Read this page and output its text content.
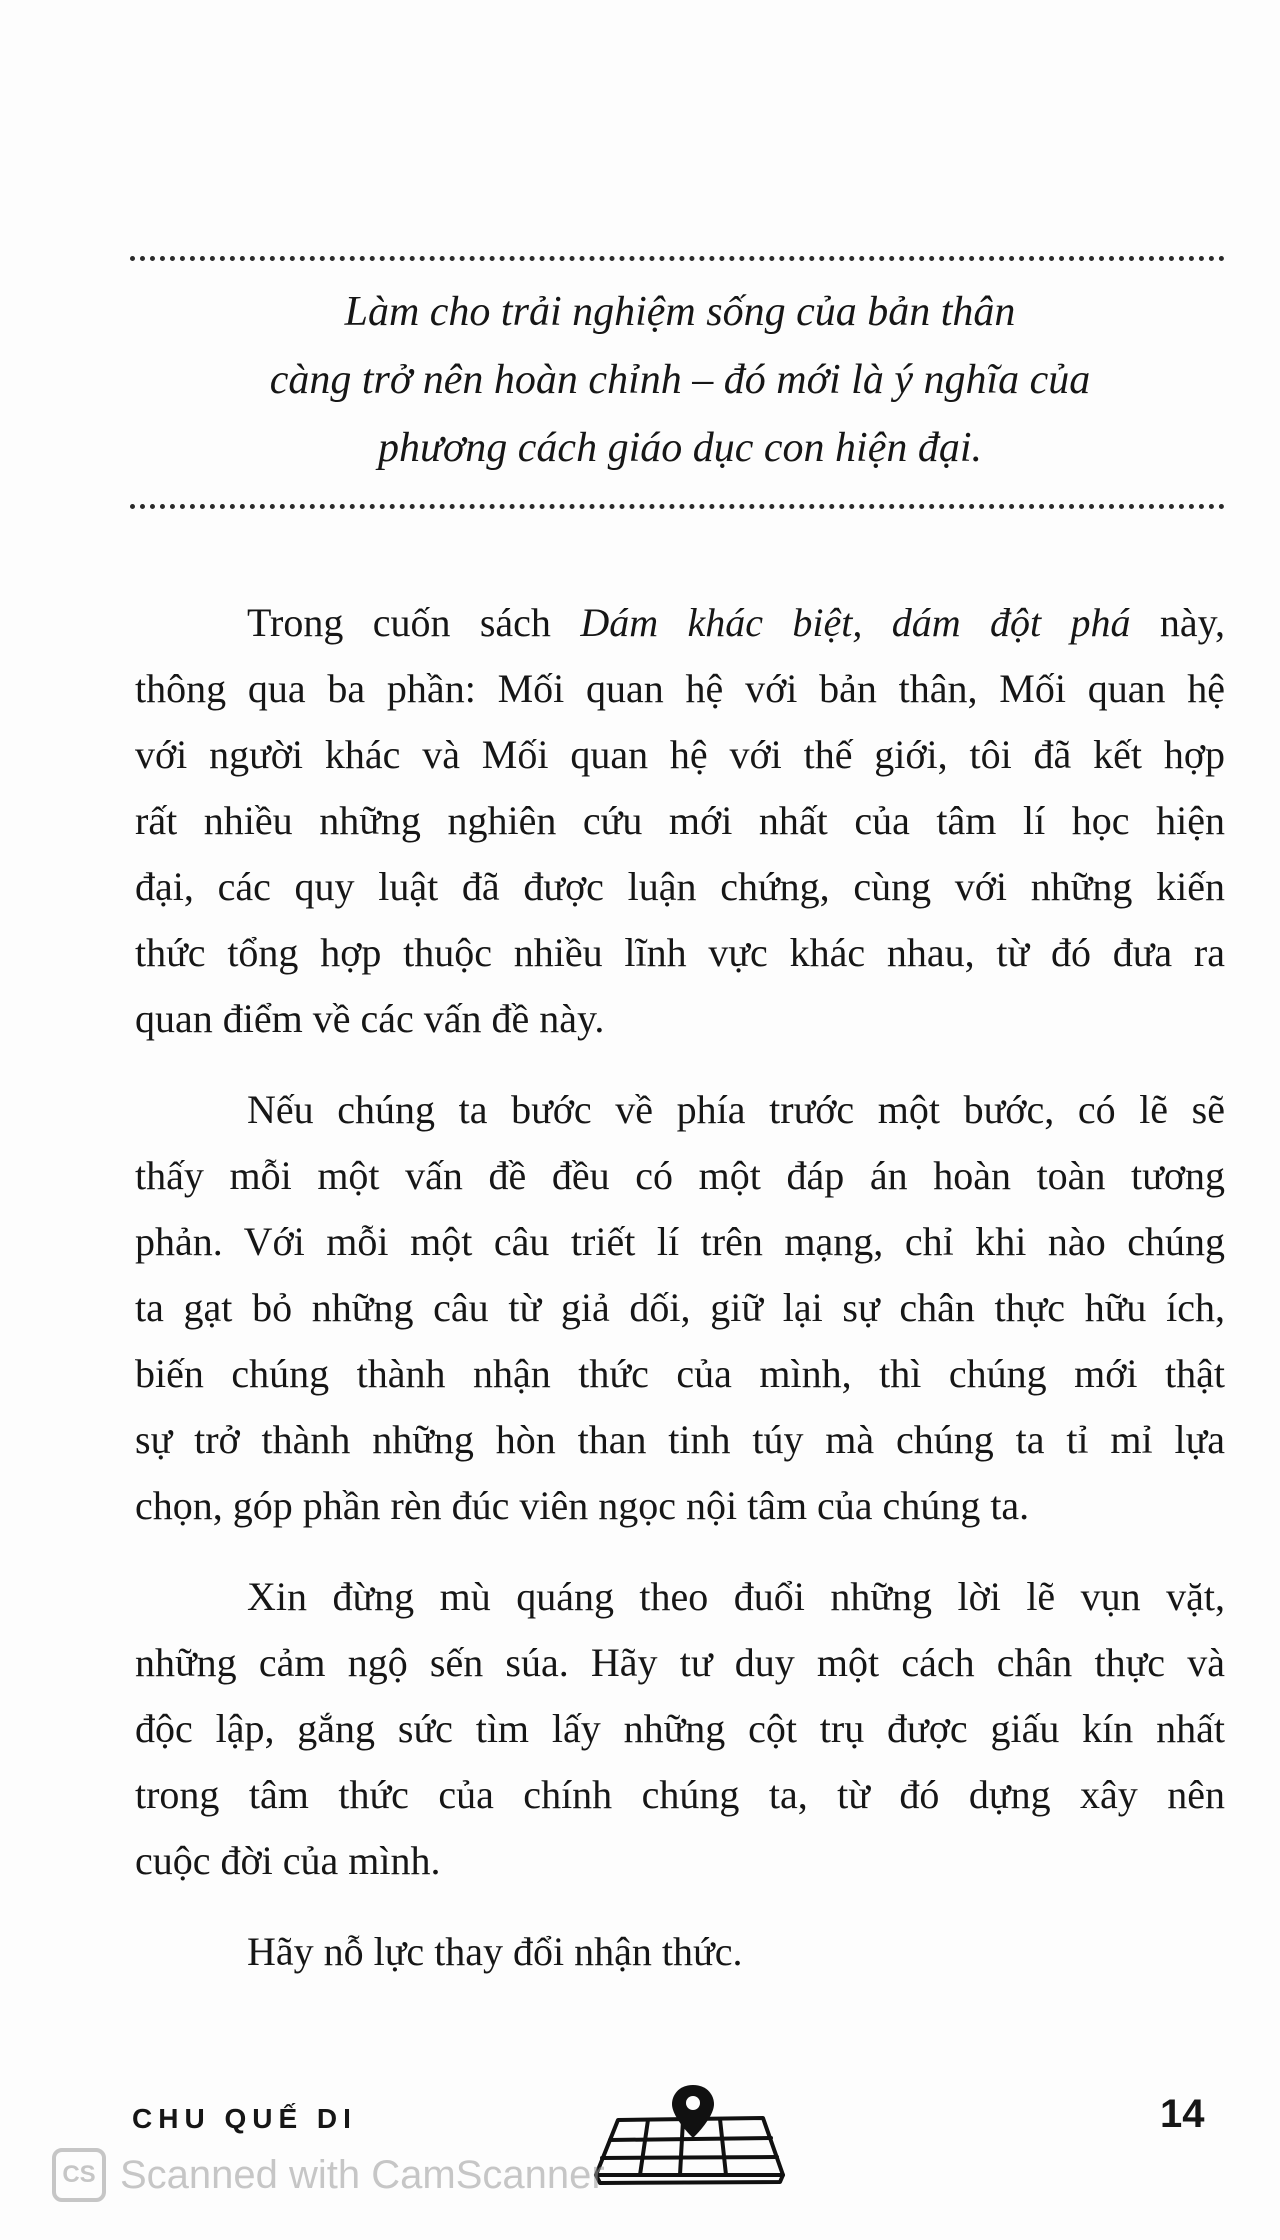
Làm cho trải nghiệm sống của bản thân
càng trở nên hoàn chỉnh – đó mới là ý nghĩa của
phương cách giáo dục con hiện đại.
Trong cuốn sách Dám khác biệt, dám đột phá này,
thông qua ba phần: Mối quan hệ với bản thân, Mối quan hệ
với người khác và Mối quan hệ với thế giới, tôi đã kết hợp
rất nhiều những nghiên cứu mới nhất của tâm lí học hiện
đại, các quy luật đã được luận chứng, cùng với những kiến
thức tổng hợp thuộc nhiều lĩnh vực khác nhau, từ đó đưa ra
quan điểm về các vấn đề này.
Nếu chúng ta bước về phía trước một bước, có lẽ sẽ
thấy mỗi một vấn đề đều có một đáp án hoàn toàn tương
phản. Với mỗi một câu triết lí trên mạng, chỉ khi nào chúng
ta gạt bỏ những câu từ giả dối, giữ lại sự chân thực hữu ích,
biến chúng thành nhận thức của mình, thì chúng mới thật
sự trở thành những hòn than tinh túy mà chúng ta tỉ mỉ lựa
chọn, góp phần rèn đúc viên ngọc nội tâm của chúng ta.
Xin đừng mù quáng theo đuổi những lời lẽ vụn vặt,
những cảm ngộ sến súa. Hãy tư duy một cách chân thực và
độc lập, gắng sức tìm lấy những cột trụ được giấu kín nhất
trong tâm thức của chính chúng ta, từ đó dựng xây nên
cuộc đời của mình.
Hãy nỗ lực thay đổi nhận thức.
CHU QUẾ DI	14
CS Scanned with CamScanner
